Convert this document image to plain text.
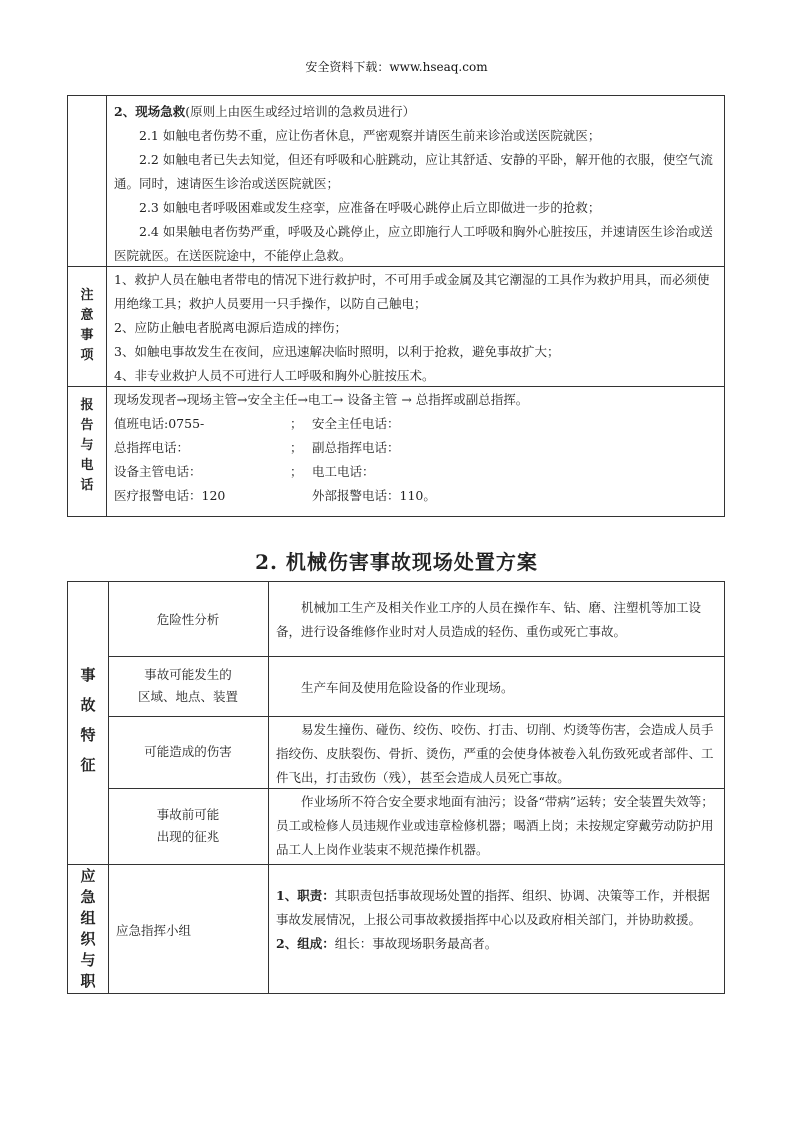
安全资料下载：www.hseaq.com

2、现场急救(原则上由医生或经过培训的急救员进行）

2.1 如触电者伤势不重，应让伤者休息，严密观察并请医生前来诊治或送医院就医；

2.2 如触电者已失去知觉，但还有呼吸和心脏跳动，应让其舒适、安静的平卧，解开他的衣服，使空气流通。同时，速请医生诊治或送医院就医；

2.3 如触电者呼吸困难或发生痉挛，应准备在呼吸心跳停止后立即做进一步的抢救；

2.4 如果触电者伤势严重，呼吸及心跳停止，应立即施行人工呼吸和胸外心脏按压，并速请医生诊治或送医院就医。在送医院途中，不能停止急救。

注
意
事
项

1、救护人员在触电者带电的情况下进行救护时，不可用手或金属及其它潮湿的工具作为救护用具，而必须使用绝缘工具；救护人员要用一只手操作，以防自己触电；

2、应防止触电者脱离电源后造成的摔伤；

3、如触电事故发生在夜间，应迅速解决临时照明，以利于抢救，避免事故扩大；

4、非专业救护人员不可进行人工呼吸和胸外心脏按压术。

报
告
与
电
话

现场发现者→现场主管→安全主任→电工→ 设备主管 → 总指挥或副总指挥。

值班电话:0755-	； 安全主任电话：

总指挥电话：	； 副总指挥电话：

设备主管电话：	； 电工电话：

医疗报警电话：120	外部报警电话：110。

2. 机械伤害事故现场处置方案
事
故
特
征
应
急
组
织
与
职
危险性分析

机械加工生产及相关作业工序的人员在操作车、钻、磨、注塑机等加工设备，进行设备维修作业时对人员造成的轻伤、重伤或死亡事故。

事故可能发生的
区域、地点、装置

生产车间及使用危险设备的作业现场。

可能造成的伤害

易发生撞伤、碰伤、绞伤、咬伤、打击、切削、灼烫等伤害，会造成人员手指绞伤、皮肤裂伤、骨折、烫伤，严重的会使身体被卷入轧伤致死或者部件、工件飞出，打击致伤（残），甚至会造成人员死亡事故。

事故前可能
出现的征兆

作业场所不符合安全要求地面有油污；设备“带病”运转；安全装置失效等；员工或检修人员违规作业或违章检修机器；喝酒上岗；未按规定穿戴劳动防护用品工人上岗作业装束不规范操作机器。

应急指挥小组

1、职责：其职责包括事故现场处置的指挥、组织、协调、决策等工作，并根据事故发展情况，上报公司事故救援指挥中心以及政府相关部门，并协助救援。

2、组成：组长：事故现场职务最高者。
